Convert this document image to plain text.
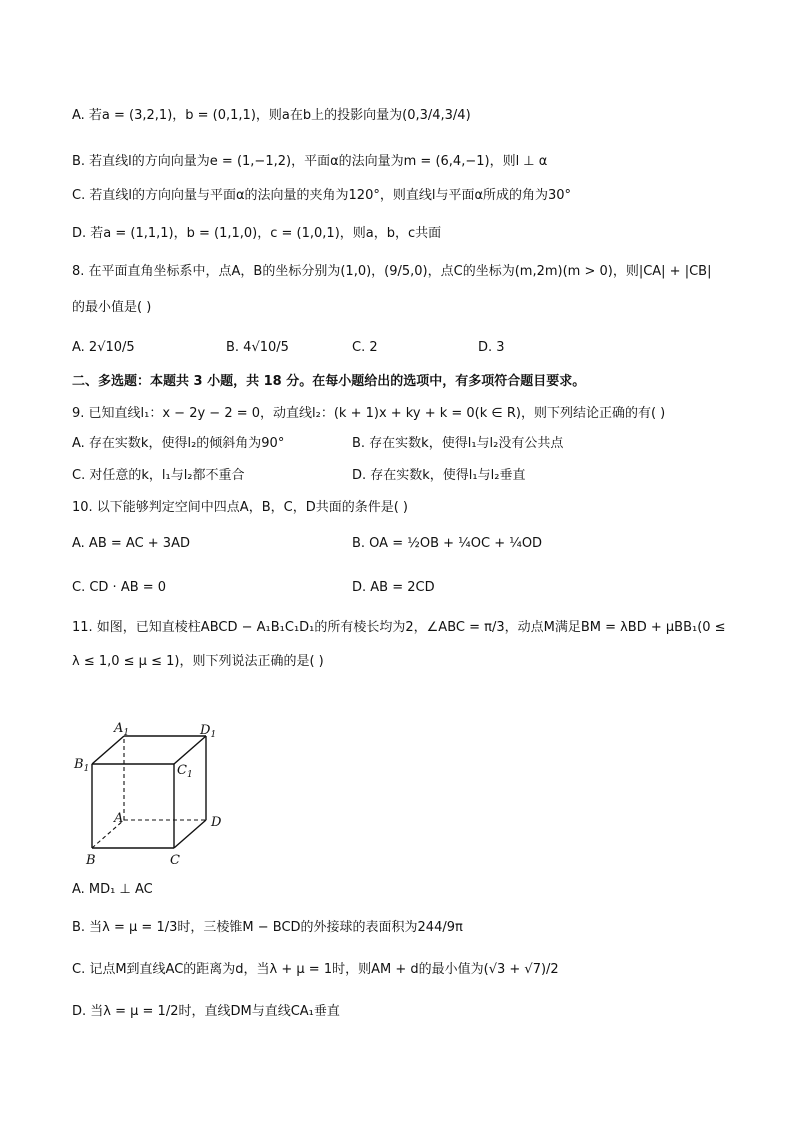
A. 若a = (3,2,1)，b = (0,1,1)，则a在b上的投影向量为(0,3/4,3/4)
B. 若直线l的方向向量为e = (1,−1,2)，平面α的法向量为m = (6,4,−1)，则l ⊥ α
C. 若直线l的方向向量与平面α的法向量的夹角为120°，则直线l与平面α所成的角为30°
D. 若a = (1,1,1)，b = (1,1,0)，c = (1,0,1)，则a，b，c共面
8. 在平面直角坐标系中，点A，B的坐标分别为(1,0)，(9/5,0)，点C的坐标为(m,2m)(m > 0)，则|CA| + |CB|
的最小值是( )
A. 2√10/5	B. 4√10/5	C. 2	D. 3
二、多选题：本题共 3 小题，共 18 分。在每小题给出的选项中，有多项符合题目要求。
9. 已知直线l₁：x − 2y − 2 = 0，动直线l₂：(k + 1)x + ky + k = 0(k ∈ R)，则下列结论正确的有( )
A. 存在实数k，使得l₂的倾斜角为90°	B. 存在实数k，使得l₁与l₂没有公共点
C. 对任意的k，l₁与l₂都不重合	D. 存在实数k，使得l₁与l₂垂直
10. 以下能够判定空间中四点A，B，C，D共面的条件是( )
A. AB = AC + 3AD	B. OA = ½OB + ¼OC + ¼OD
C. CD · AB = 0	D. AB = 2CD
11. 如图，已知直棱柱ABCD − A₁B₁C₁D₁的所有棱长均为2，∠ABC = π/3，动点M满足BM = λBD + μBB₁(0 ≤
λ ≤ 1,0 ≤ μ ≤ 1)，则下列说法正确的是( )
$A_1$	$D_1$
$B_1$	$C_1$
A	D
B	C
A. MD₁ ⊥ AC
B. 当λ = μ = 1/3时，三棱锥M − BCD的外接球的表面积为244/9π
C. 记点M到直线AC的距离为d，当λ + μ = 1时，则AM + d的最小值为(√3 + √7)/2
D. 当λ = μ = 1/2时，直线DM与直线CA₁垂直
